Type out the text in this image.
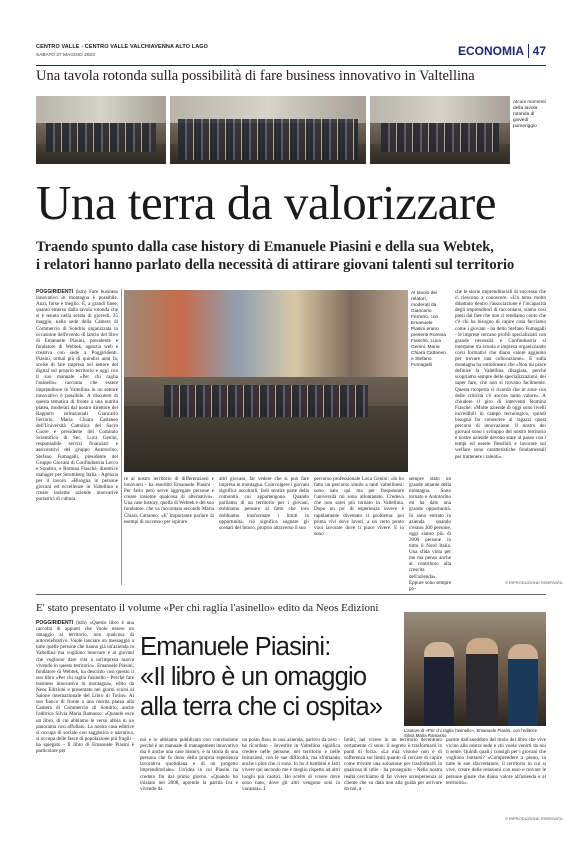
CENTRO VALLE - CENTRO VALLE VALCHIAVENNA ALTO LAGO
SABATO 27 MAGGIO 2023	ECONOMIA 47
Una tavola rotonda sulla possibilità di fare business innovativo in Valtellina
Alcuni momenti della tavola rotonda di giovedì pomeriggio
Una terra da valorizzare
Traendo spunto dalla case history di Emanuele Piasini e della sua Webtek,
i relatori hanno parlato della necessità di attirare giovani talenti sul territorio
POGGIRIDENTI (bzh) Fare business innovativo in montagna è possibile. Anzi, forse è meglio. È, a grandi linee, quanto emerso dalla tavola rotonda che si è tenuta nella serata di giovedì, 25 maggio, nella sede della Camera di Commercio di Sondrio organizzata in occasione dell'evento di lancio del libro di Emanuele Piasini, presidente e fondatore di Webtek, agenzia web e creativa con sede a Poggiridenti. Piasini, ormai più di quindici anni fa, scelse di fare impresa nel settore del digital sul proprio territorio e oggi con il suo manuale «Per chi raglia l'asinello» racconta che essere imprenditore in Valtellina in un settore innovativo è possibile. A discutere di questa tematica di fronte a una nutrita platea, moderati dal nostro direttore dei Rapporti istituzionali Giancarlo Ferrario, Maria Chiara Cattaneo dell'Università Cattolica del Sacro Cuore e presidente del Comitato Scientifico di Sec, Luca Genini, responsabile servizi finanziari e assicurativi del gruppo Autotorino, Stefano Fumagalli, presidente del Gruppo Giovani di Confindustria Lecco e Sondrio, e Romina Fiaschè, direttrice manager per Stromberg Italia - Agenzia per il lavoro. «Bisogna in persone giovani ed eccellenze in Valtellina e creare insieme aziende innovative portatrici di cultura.
Al tavolo dei relatori, moderati da Giancarlo Ferrario, con Emanuele Piasini erano presenti Romina Fiaschè, Luca Genini, Maria Chiara Cattaneo e Stefano Fumagalli
re al nostro territorio di differenziarsi e innovarsi - ha esordito Emanuele Piasini - Per farlo però serve aggregare persone e creare insieme qualcosa di alternativo». Una case history, quella di Webtek e del suo fondatore, che va raccontata secondo Maria Chiara Cattaneo: «E' importante parlare di esempi di successo per ispirare
altri giovani, far vedere che si può fare impresa in montagna. Coinvolgere i giovani significa ascoltarli, farli sentire parte della comunità cui appartengono. Quando parliamo di un territorio per i giovani, dobbiamo pensare al fatto che loro dobbiamo trasformare i limiti in opportunità, ciò significa sognare gli scenari del futuro, proprio attraverso il suo
percorso professionale Luca Genini: «Io ho fatto un percorso simile a tanti valtellinesi: sono nato qui ma per frequentare l'università mi sono allontanato. Credevo che non sarei più tornato in Valtellina. Dopo un po' di esperienza invece è rapidamente diventato il problema: poi prima vivi dove lavori, a un certo punto vuoi lavorare dove ti piace vivere. E io sono
sempre stato un grande amante della montagna. Sono tornato e Autotorino mi ha dato una grande opportunità. Io sono entrato in azienda quando c'erano 300 persone, oggi siamo più di 2000 persone in tutto il Nord Italia. Una sfida vinta per me ma penso anche al contributo alla crescita dell'azienda». Eppure sono sempre po-
che le storie imprenditoriali di successo che ci riescono a conoscere. «Un tema molto dibattuto dentro l'associazione è l'incapacità degli imprenditori di raccontarsi, siamo così presi dal fare che non ci rendiamo conto che c'è chi ha bisogno di capire cosa facciamo come i giovani - ha detto Stefano Fumagalli - le imprese cercano profili specializzati con grande necessità e Confindustria si interpone tra scuola e impresa organizzando corsi formativi che diano valore aggiunto per trovare una collocazione». E sulla montagna ha sottolineato che «Non mi piace definire la Valtellina disagiata, perché scopriamo sempre delle specializzazioni, dei saper fare, che non si trovano facilmente. Questa ricoperta ci ricorda che in zone con delle criticità c'è ancora tanto valore». A chiudere il giro di interventi Romina Fiaschè: «Molte aziende di oggi sono livelli incredibili in campo tecnologico, quindi bisogna far conoscere ai ragazzi quest percorsi di innovazione. Il nostro dei giovani sono i sviluppo del nostro territorio e nostre aziende devono stare al passo con i tempi ed essere flessibili e lavorare sul welfare sono caratteristiche fondamentali per trattenere i talenti».
© RIPRODUZIONE RISERVATA
E' stato presentato il volume «Per chi raglia l'asinello» edito da Neos Edizioni
POGGIRIDENTI (bzh) «Questo libro è una raccolta di appunti che vuole essere un omaggio al territorio, non qualcosa di autocelebrativo. Vuole lanciare un messaggio a tutte quelle persone che hanno già un'azienda in Valtellina ma vogliono innovare e ai giovani che vogliono dare vita a un'impresa nuova vivendo in questo territorio». Emanuele Piasini, fondatore di Webtek, ha descritto così questo il suo libro «Per chi raglia l'asinello - Perché fare business innovativo in montagna», edito da Neos Edizioni e presentato nei giorni scorsi al Salone internazionale del Libro di Torino. Al suo fianco di fronte a una nutrita platea alla Camera di Commercio di Sondrio, anche l'editrice Silvia Maria Ramasso: «Quando esce un libro, di cui abbiamo le verso abbia in un panorama così affollato. La nostra casa editrice si occupa di sociale con saggistica e narrativa, si occupa delle fasce di popolazione più fragili - ha spiegato - Il libro di Emanuele Piasini è particolare per
Emanuele Piasini:
«Il libro è un omaggio
alla terra che ci ospita»
L'autore di «Per chi raglia l'asinello», Emanuele Piasini, con l'editrice Silvia Maria Ramasso
noi e lo abbiamo pubblicato con convinzione perché è un manuale di management innovativo ma è anche una case history, è la storia di una persona che fa dono della propria esperienza lavorativa quotidiana e di un progetto imprenditoriale». Un'idea in cui Piasini ha creduto fin dal primo giorno. «Quando ho iniziato nel 2008, aprendo la partita Iva e vivendo da
un posto fisso in una azienda, partivo da zero - ha ricordato - Investire in Valtellina significa credere nelle persone, nel territorio e nelle istituzioni, con le sue difficoltà, ma sfruttando anche i plus che ci sono. Io ho 4 bambini e farli vivere qui secondo me è meglio rispetto ad altri luoghi più caotici. Ho scelto di vivere dove sono nato, dove gli altri vengono solo in vacanza». I
limiti, nel vivere in un territorio decentrato certamente ci sono: il segreto è trasformarli in punti di forza. «La mia visione non è di sofferenza sui limiti quanto di cercare di capire come trovare una soluzione per trasformarli in qualcosa di utile - ha proseguito - Nella nostra realtà cerchiamo di far vivere un'esperienza al cliente che va data non alla guida per arrivare da noi, a
partire dall'aneddoto del titolo del libro che vive vicino alla nostra sede e chi vuole venirti da noi ti sente. Quindi quali i consigli per i giovani che vogliono buttarsi? «Comprendere a pieno, in tutte le sue sfaccettature, il territorio in cui si vive, creare delle relazioni con esso e trovare le persone giuste che diano valore all'azienda e al territorio».
© RIPRODUZIONE RISERVATA
